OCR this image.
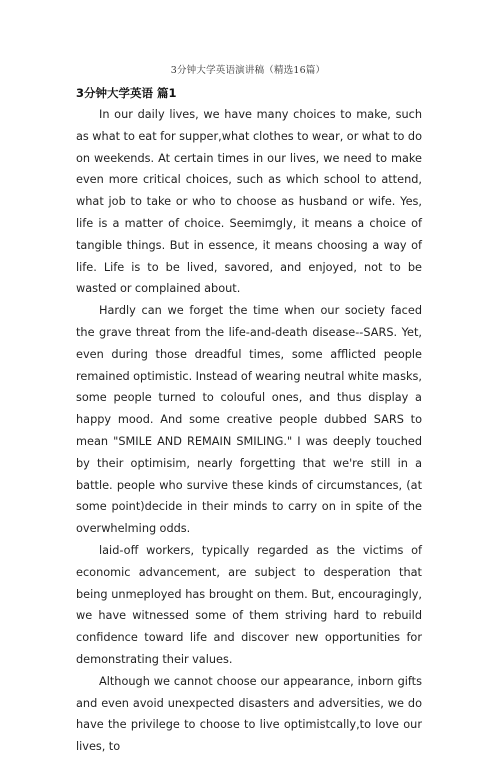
3分钟大学英语演讲稿（精选16篇）
3分钟大学英语 篇1

In our daily lives, we have many choices to make, such as what to eat for supper,what clothes to wear, or what to do on weekends. At certain times in our lives, we need to make even more critical choices, such as which school to attend, what job to take or who to choose as husband or wife. Yes, life is a matter of choice. Seemimgly, it means a choice of tangible things. But in essence, it means choosing a way of life. Life is to be lived, savored, and enjoyed, not to be wasted or complained about.

Hardly can we forget the time when our society faced the grave threat from the life-and-death disease--SARS. Yet, even during those dreadful times, some afflicted people remained optimistic. Instead of wearing neutral white masks, some people turned to colouful ones, and thus display a happy mood. And some creative people dubbed SARS to mean "SMILE AND REMAIN SMILING." I was deeply touched by their optimisim, nearly forgetting that we're still in a battle. people who survive these kinds of circumstances, (at some point)decide in their minds to carry on in spite of the overwhelming odds.

laid-off workers, typically regarded as the victims of economic advancement, are subject to desperation that being unmeployed has brought on them. But, encouragingly, we have witnessed some of them striving hard to rebuild confidence toward life and discover new opportunities for demonstrating their values.

Although we cannot choose our appearance, inborn gifts and even avoid unexpected disasters and adversities, we do have the privilege to choose to live optimistcally,to love our lives, to
